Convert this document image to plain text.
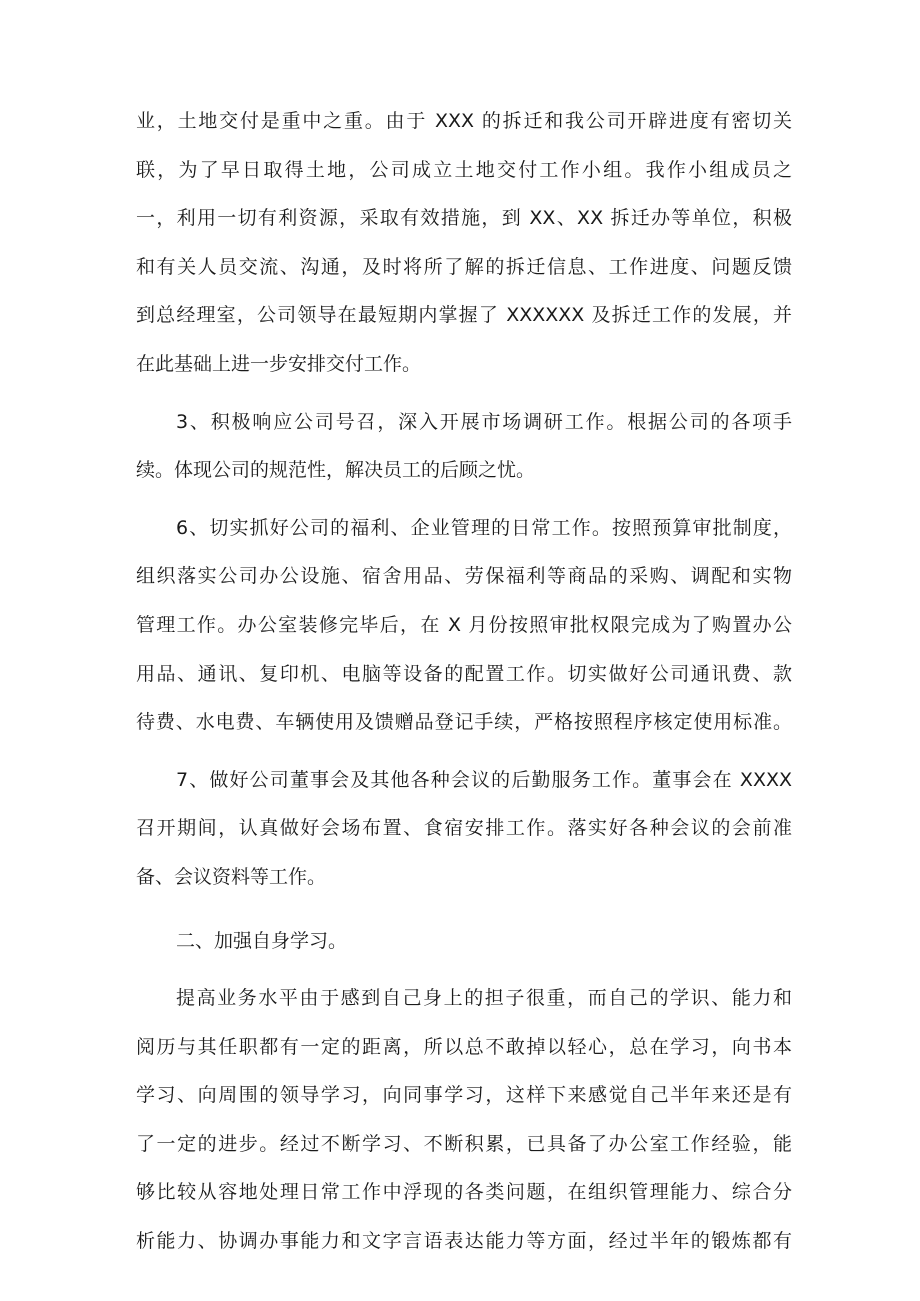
业，土地交付是重中之重。由于 XXX 的拆迁和我公司开辟进度有密切关
联，为了早日取得土地，公司成立土地交付工作小组。我作小组成员之
一，利用一切有利资源，采取有效措施，到 XX、XX 拆迁办等单位，积极
和有关人员交流、沟通，及时将所了解的拆迁信息、工作进度、问题反馈
到总经理室，公司领导在最短期内掌握了 XXXXXX 及拆迁工作的发展，并
在此基础上进一步安排交付工作。
3、积极响应公司号召，深入开展市场调研工作。根据公司的各项手
续。体现公司的规范性，解决员工的后顾之忧。
6、切实抓好公司的福利、企业管理的日常工作。按照预算审批制度，
组织落实公司办公设施、宿舍用品、劳保福利等商品的采购、调配和实物
管理工作。办公室装修完毕后，在 X 月份按照审批权限完成为了购置办公
用品、通讯、复印机、电脑等设备的配置工作。切实做好公司通讯费、款
待费、水电费、车辆使用及馈赠品登记手续，严格按照程序核定使用标准。
7、做好公司董事会及其他各种会议的后勤服务工作。董事会在 XXXX
召开期间，认真做好会场布置、食宿安排工作。落实好各种会议的会前准
备、会议资料等工作。
二、加强自身学习。
提高业务水平由于感到自己身上的担子很重，而自己的学识、能力和
阅历与其任职都有一定的距离，所以总不敢掉以轻心，总在学习，向书本
学习、向周围的领导学习，向同事学习，这样下来感觉自己半年来还是有
了一定的进步。经过不断学习、不断积累，已具备了办公室工作经验，能
够比较从容地处理日常工作中浮现的各类问题，在组织管理能力、综合分
析能力、协调办事能力和文字言语表达能力等方面，经过半年的锻炼都有
